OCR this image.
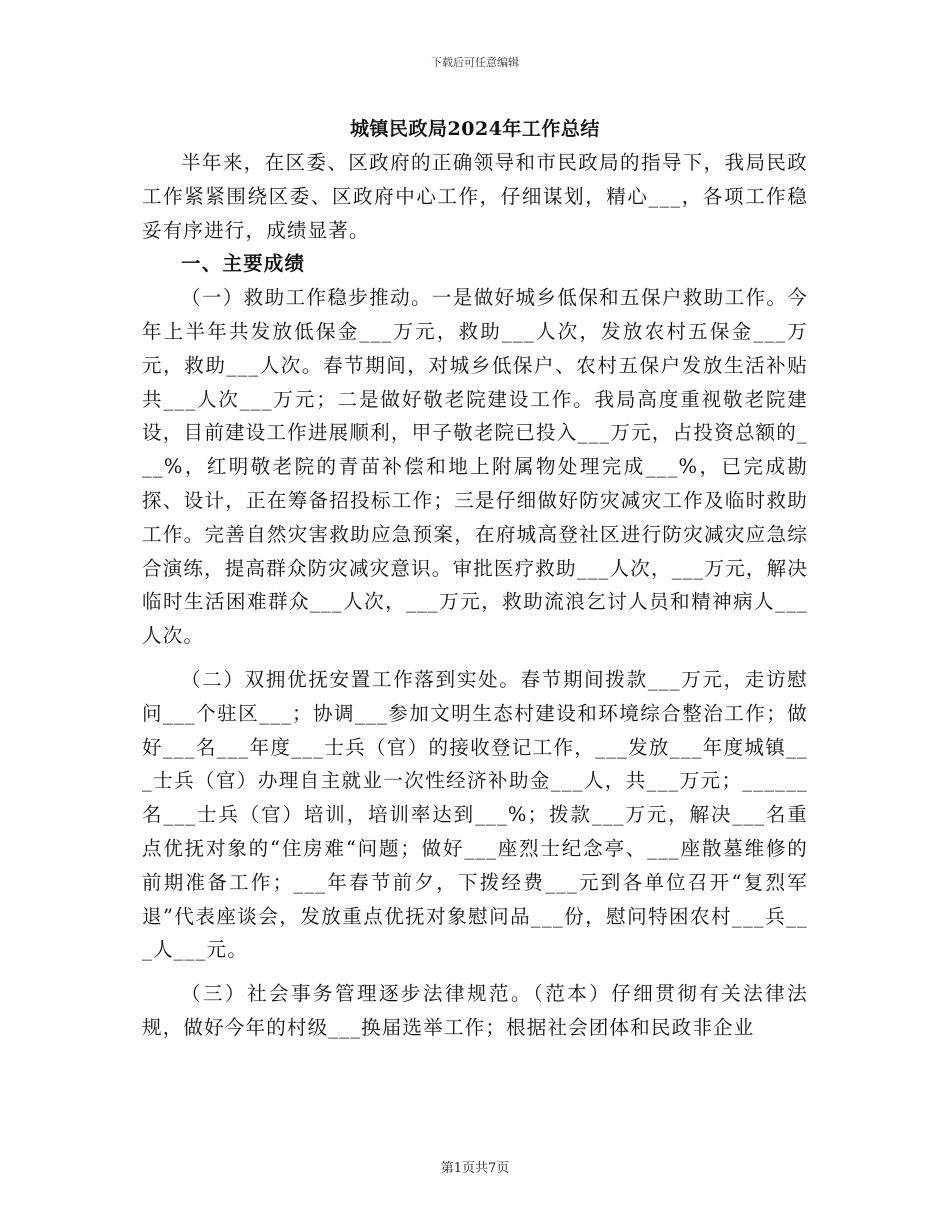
下载后可任意编辑
城镇民政局2024年工作总结

半年来，在区委、区政府的正确领导和市民政局的指导下，我局民政工作紧紧围绕区委、区政府中心工作，仔细谋划，精心___，各项工作稳妥有序进行，成绩显著。

一、主要成绩

（一）救助工作稳步推动。一是做好城乡低保和五保户救助工作。今年上半年共发放低保金___万元，救助___人次，发放农村五保金___万元，救助___人次。春节期间，对城乡低保户、农村五保户发放生活补贴共___人次___万元；二是做好敬老院建设工作。我局高度重视敬老院建设，目前建设工作进展顺利，甲子敬老院已投入___万元，占投资总额的___%，红明敬老院的青苗补偿和地上附属物处理完成___%，已完成勘探、设计，正在筹备招投标工作；三是仔细做好防灾减灾工作及临时救助工作。完善自然灾害救助应急预案，在府城高登社区进行防灾减灾应急综合演练，提高群众防灾减灾意识。审批医疗救助___人次，___万元，解决临时生活困难群众___人次，___万元，救助流浪乞讨人员和精神病人___人次。

（二）双拥优抚安置工作落到实处。春节期间拨款___万元，走访慰问___个驻区___；协调___参加文明生态村建设和环境综合整治工作；做好___名___年度___士兵（官）的接收登记工作，___发放___年度城镇___士兵（官）办理自主就业一次性经济补助金___人，共___万元；______名___士兵（官）培训，培训率达到___%；拨款___万元，解决___名重点优抚对象的“住房难“问题；做好___座烈士纪念亭、___座散墓维修的前期准备工作；___年春节前夕，下拨经费___元到各单位召开“复烈军退”代表座谈会，发放重点优抚对象慰问品___份，慰问特困农村___兵___人___元。

（三）社会事务管理逐步法律规范。（范本）仔细贯彻有关法律法规，做好今年的村级___换届选举工作；根据社会团体和民政非企业

第1页共7页
